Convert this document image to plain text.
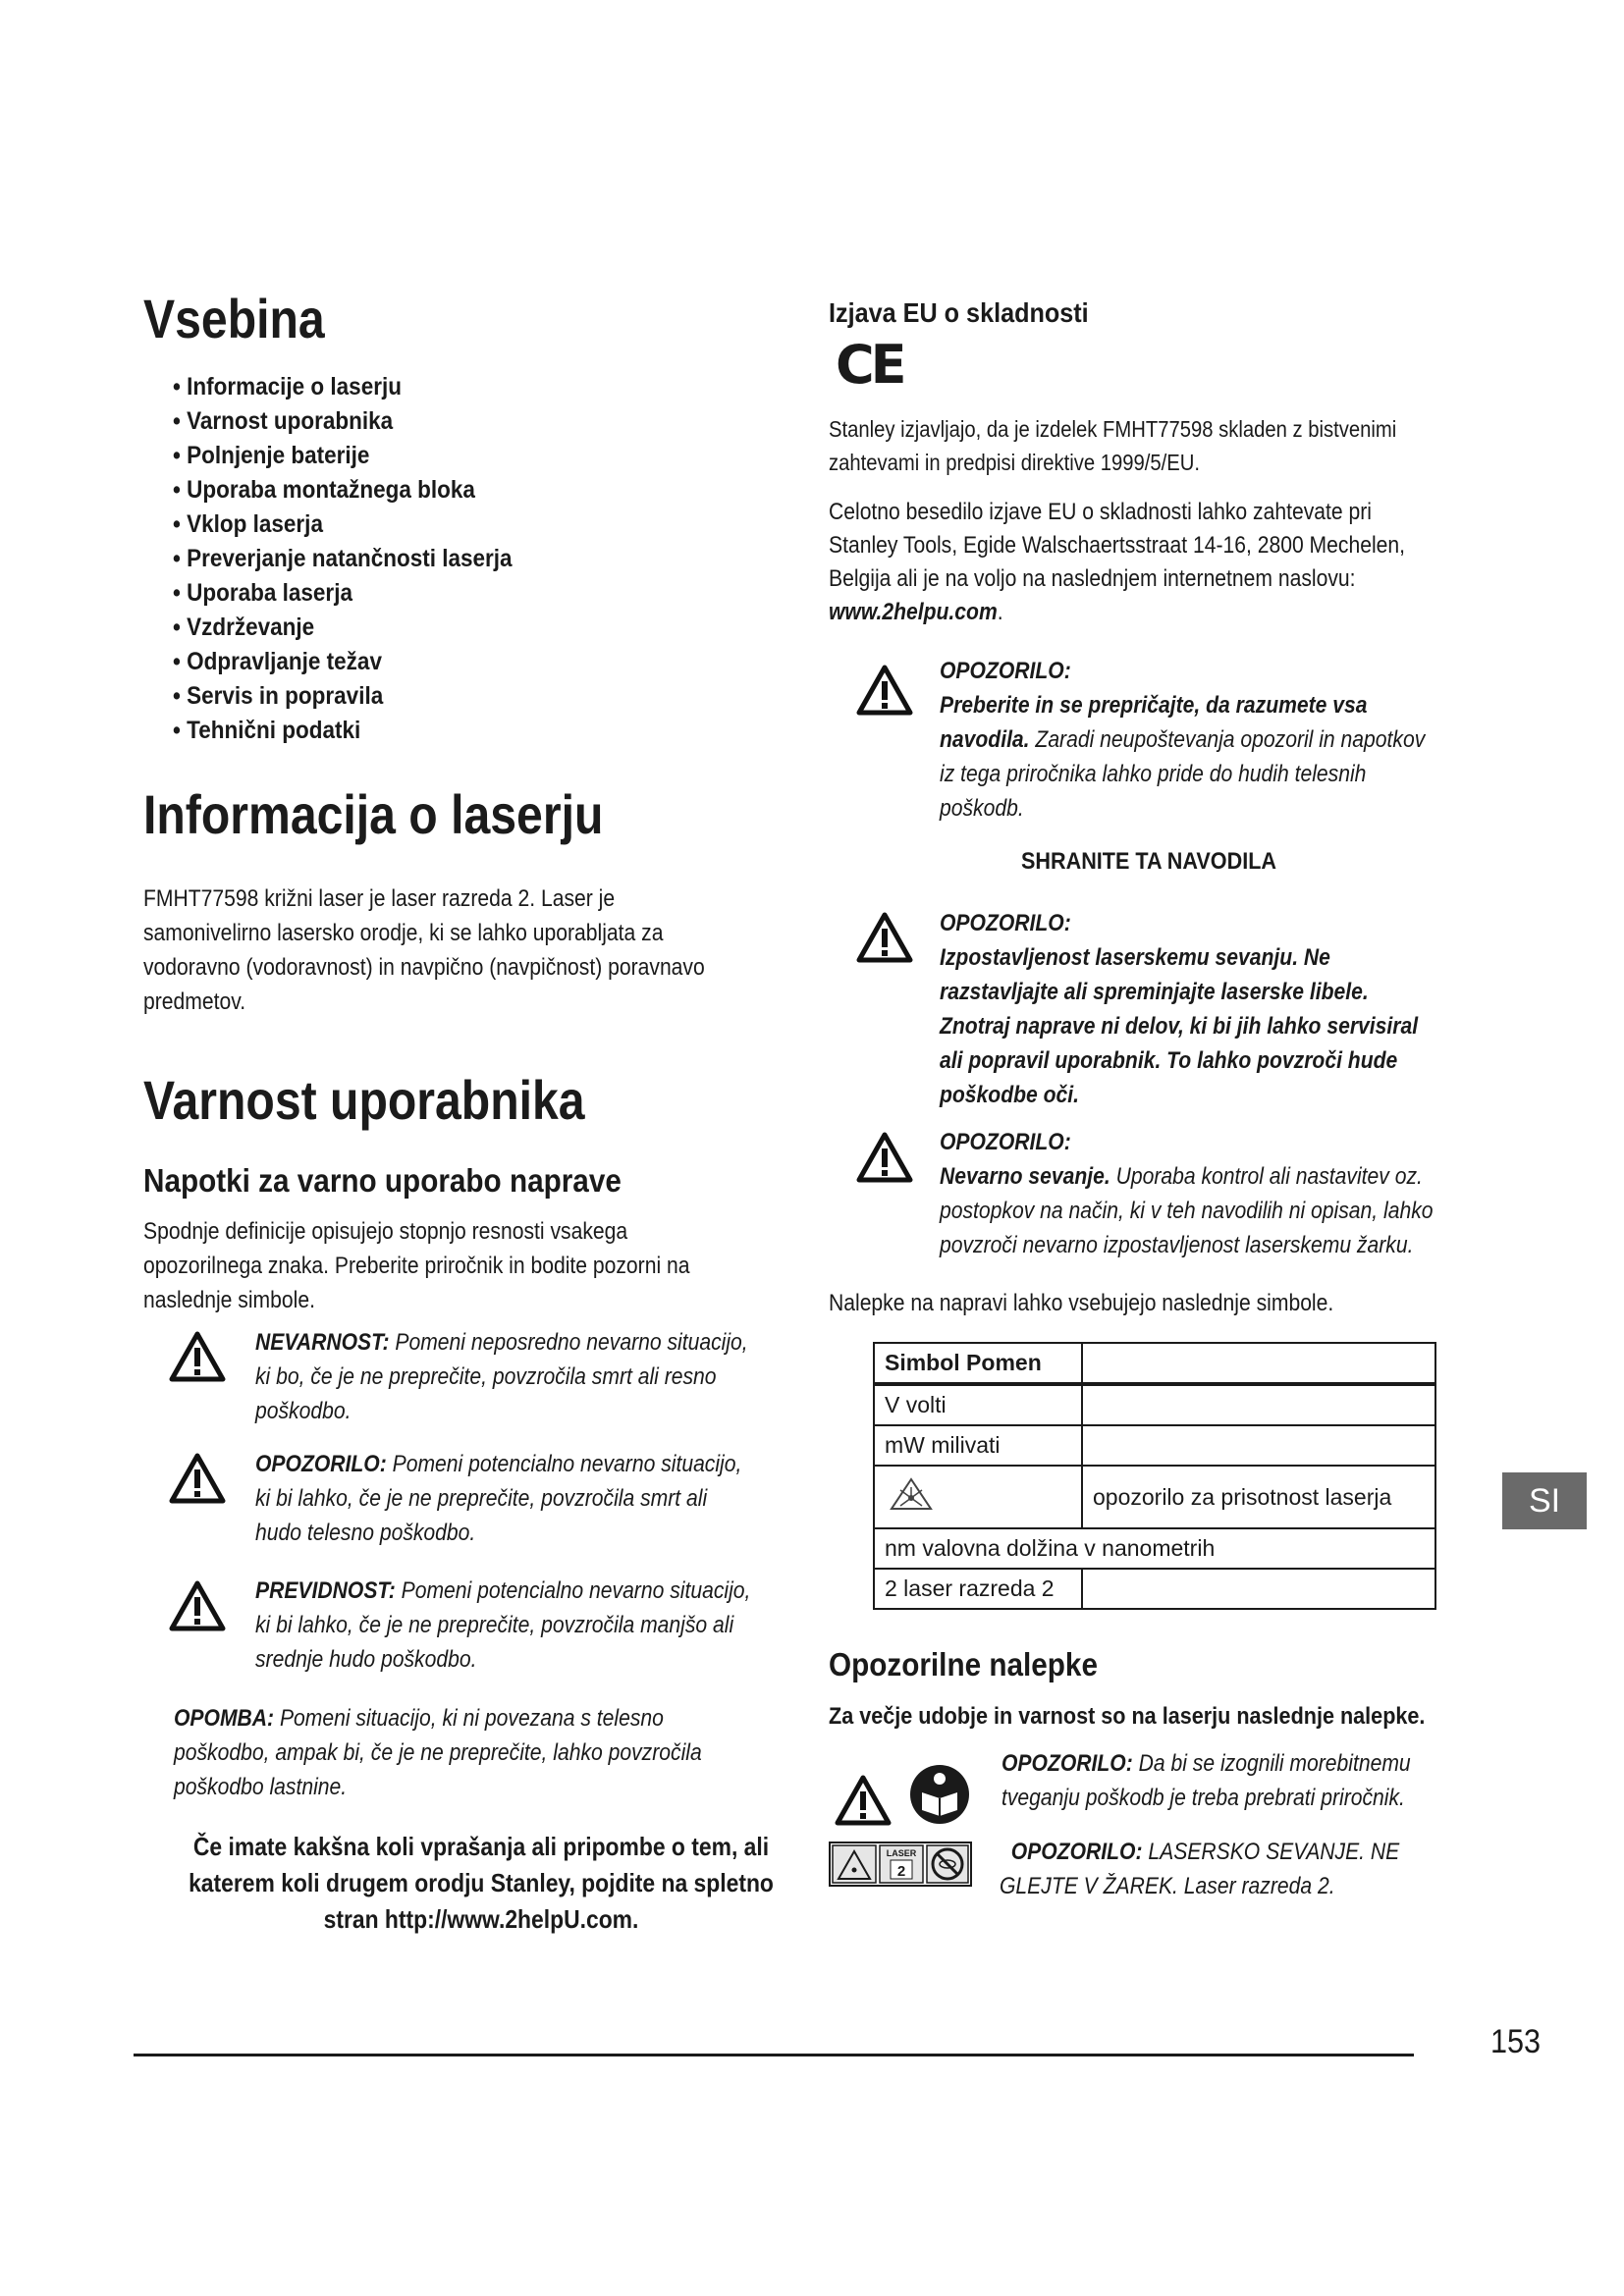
Vsebina
• Informacije o laserju
• Varnost uporabnika
• Polnjenje baterije
• Uporaba montažnega bloka
• Vklop laserja
• Preverjanje natančnosti laserja
• Uporaba laserja
• Vzdrževanje
• Odpravljanje težav
• Servis in popravila
• Tehnični podatki
Informacija o laserju
FMHT77598 križni laser je laser razreda 2. Laser je
samonivelirno lasersko orodje, ki se lahko uporabljata za
vodoravno (vodoravnost) in navpično (navpičnost) poravnavo
predmetov.
Varnost uporabnika
Napotki za varno uporabo naprave
Spodnje definicije opisujejo stopnjo resnosti vsakega
opozorilnega znaka. Preberite priročnik in bodite pozorni na
naslednje simbole.
NEVARNOST: Pomeni neposredno nevarno situacijo,
ki bo, če je ne preprečite, povzročila smrt ali resno
poškodbo.
OPOZORILO: Pomeni potencialno nevarno situacijo,
ki bi lahko, če je ne preprečite, povzročila smrt ali
hudo telesno poškodbo.
PREVIDNOST: Pomeni potencialno nevarno situacijo,
ki bi lahko, če je ne preprečite, povzročila manjšo ali
srednje hudo poškodbo.
OPOMBA: Pomeni situacijo, ki ni povezana s telesno
poškodbo, ampak bi, če je ne preprečite, lahko povzročila
poškodbo lastnine.
Če imate kakšna koli vprašanja ali pripombe o tem, ali
katerem koli drugem orodju Stanley, pojdite na spletno
stran http://www.2helpU.com.
Izjava EU o skladnosti
CE
Stanley izjavljajo, da je izdelek FMHT77598 skladen z bistvenimi
zahtevami in predpisi direktive 1999/5/EU.
Celotno besedilo izjave EU o skladnosti lahko zahtevate pri
Stanley Tools, Egide Walschaertsstraat 14-16, 2800 Mechelen,
Belgija ali je na voljo na naslednjem internetnem naslovu:
www.2helpu.com.
OPOZORILO:
Preberite in se prepričajte, da razumete vsa
navodila. Zaradi neupoštevanja opozoril in napotkov
iz tega priročnika lahko pride do hudih telesnih
poškodb.
SHRANITE TA NAVODILA
OPOZORILO:
Izpostavljenost laserskemu sevanju. Ne
razstavljajte ali spreminjajte laserske libele.
Znotraj naprave ni delov, ki bi jih lahko servisiral
ali popravil uporabnik. To lahko povzroči hude
poškodbe oči.
OPOZORILO:
Nevarno sevanje. Uporaba kontrol ali nastavitev oz.
postopkov na način, ki v teh navodilih ni opisan, lahko
povzroči nevarno izpostavljenost laserskemu žarku.
Nalepke na napravi lahko vsebujejo naslednje simbole.
Simbol Pomen	
V volti	
mW milivati	
	opozorilo za prisotnost laserja
nm valovna dolžina v nanometrih	
2 laser razreda 2	
Opozorilne nalepke
Za večje udobje in varnost so na laserju naslednje nalepke.
OPOZORILO: Da bi se izognili morebitnemu
tveganju poškodb je treba prebrati priročnik.
LASER
2
OPOZORILO: LASERSKO SEVANJE. NE
GLEJTE V ŽAREK. Laser razreda 2.
SI
153
